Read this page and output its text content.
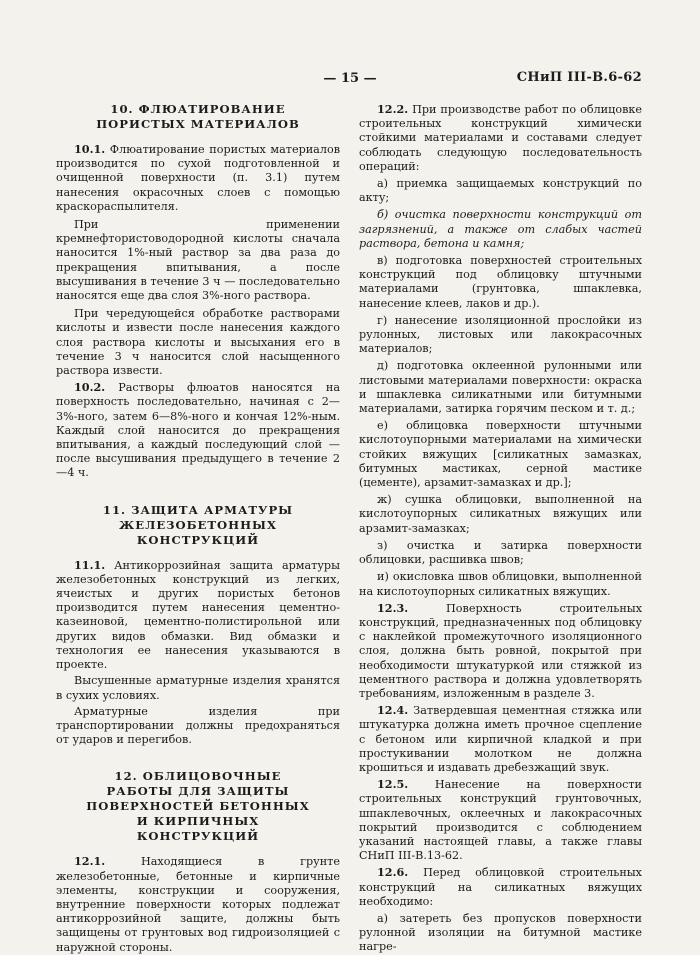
— 15 —	СНиП III-В.6-62
10. ФЛЮАТИРОВАНИЕ ПОРИСТЫХ МАТЕРИАЛОВ

10.1. Флюатирование пористых материалов производится по сухой подготовленной и очищенной поверхности (п. 3.1) путем нанесения окрасочных слоев с помощью краскораспылителя.

При применении кремнефтористоводородной кислоты сначала наносится 1%-ный раствор за два раза до прекращения впитывания, а после высушивания в течение 3 ч — последовательно наносятся еще два слоя 3%-ного раствора.

При чередующейся обработке растворами кислоты и извести после нанесения каждого слоя раствора кислоты и высыхания его в течение 3 ч наносится слой насыщенного раствора извести.

10.2. Растворы флюатов наносятся на поверхность последовательно, начиная с 2—3%-ного, затем 6—8%-ного и кончая 12%-ным. Каждый слой наносится до прекращения впитывания, а каждый последующий слой — после высушивания предыдущего в течение 2—4 ч.

11. ЗАЩИТА АРМАТУРЫ ЖЕЛЕЗОБЕТОННЫХ КОНСТРУКЦИЙ

11.1. Антикоррозийная защита арматуры железобетонных конструкций из легких, ячеистых и других пористых бетонов производится путем нанесения цементно-казеиновой, цементно-полистирольной или других видов обмазки. Вид обмазки и технология ее нанесения указываются в проекте.

Высушенные арматурные изделия хранятся в сухих условиях.

Арматурные изделия при транспортировании должны предохраняться от ударов и перегибов.

12. ОБЛИЦОВОЧНЫЕ РАБОТЫ ДЛЯ ЗАЩИТЫ ПОВЕРХНОСТЕЙ БЕТОННЫХ И КИРПИЧНЫХ КОНСТРУКЦИЙ

12.1.	Находящиеся в грунте железобетонные, бетонные и кирпичные элементы, конструкции и сооружения, внутренние поверхности которых подлежат антикоррозийной защите, должны быть защищены от грунтовых вод гидроизоляцией с наружной стороны.

12.2. При производстве работ по облицовке строительных конструкций химически стойкими материалами и составами следует соблюдать следующую последовательность операций:

а) приемка защищаемых конструкций по акту;

б) очистка поверхности конструкций от загрязнений, а также от слабых частей раствора, бетона и камня;

в) подготовка поверхностей строительных конструкций под облицовку штучными материалами (грунтовка, шпаклевка, нанесение клеев, лаков и др.).

г) нанесение изоляционной прослойки из рулонных, листовых или лакокрасочных материалов;

д) подготовка оклеенной рулонными или листовыми материалами поверхности: окраска и шпаклевка силикатными или битумными материалами, затирка горячим песком и т. д.;

е) облицовка поверхности штучными кислотоупорными материалами на химически стойких вяжущих [силикатных замазках, битумных мастиках, серной мастике (цементе), арзамит-замазках и др.];

ж) сушка облицовки, выполненной на кислотоупорных силикатных вяжущих или арзамит-замазках;

з) очистка и затирка поверхности облицовки, расшивка швов;

и) окисловка швов облицовки, выполненной на кислотоупорных силикатных вяжущих.

12.3.	Поверхность строительных конструкций, предназначенных под облицовку с наклейкой промежуточного изоляционного слоя, должна быть ровной, покрытой при необходимости штукатуркой или стяжкой из цементного раствора и должна удовлетворять требованиям, изложенным в разделе 3.

12.4. Затвердевшая цементная стяжка или штукатурка должна иметь прочное сцепление с бетоном или кирпичной кладкой и при простукивании молотком не должна крошиться и издавать дребезжащий звук.

12.5. Нанесение на поверхности строительных конструкций грунтовочных, шпаклевочных, оклеечных и лакокрасочных покрытий производится с соблюдением указаний настоящей главы, а также главы СНиП III-В.13-62.

12.6. Перед облицовкой строительных конструкций на силикатных вяжущих необходимо:

а) затереть без пропусков поверхности рулонной изоляции на битумной мастике нагре-
